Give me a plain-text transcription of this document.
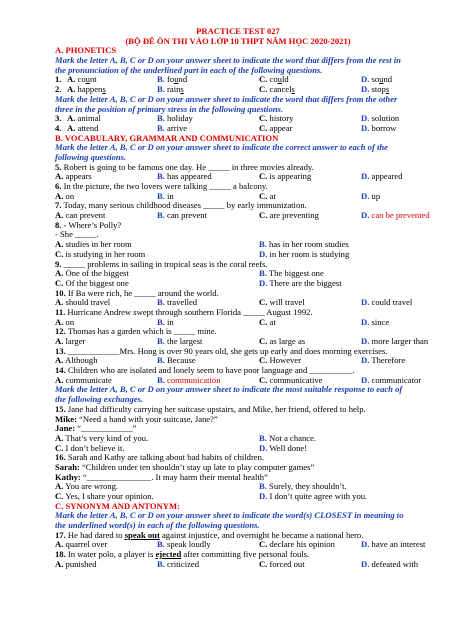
PRACTICE TEST 027
(BỘ ĐỀ ÔN THI VÀO LỚP 10 THPT NĂM HỌC 2020-2021)
A. PHONETICS
Mark the letter A, B, C or D on your answer sheet to indicate the word that differs from the rest in
the pronunciation of the underlined part in each of the following questions.
1. A. count	B. found	C. could	D. sound
2. A. happens	B. rains	C. cancels	D. stops
Mark the letter A, B, C or D on your answer sheet to indicate the word that differs from the other
three in the position of primary stress in the following questions.
3. A. animal	B. holiday	C. history	D. solution
4. A. attend	B. arrive	C. appear	D. borrow
B. VOCABULARY, GRAMMAR AND COMMUNICATION
Mark the letter A, B, C or D on your answer sheet to indicate the correct answer to each of the
following questions.
5. Robert is going to be famous one day. He _____ in three movies already.
A. appears	B. has appeared	C. is appearing	D. appeared
6. In the picture, the two lovers were talking _____ a balcony.
A. on	B. in	C. at	D. up
7. Today, many serious childhood diseases _____ by early immunization.
A. can prevent	B. can prevent	C. are preventing	D. can be prevented
8. - Where’s Polly?
- She _____.
A. studies in her room	B. has in her room studies
C. is studying in her room	D. in her room is studying
9. _____ problems in sailing in tropical seas is the coral reefs.
A. One of the biggest	B. The biggest one
C. Of the biggest one	D. There are the biggest
10. If Ba were rich, he _____ around the world.
A. should travel	B. travelled	C. will travel	D. could travel
11. Hurricane Andrew swept through southern Florida _____ August 1992.
A. on	B. in	C. at	D. since
12. Thomas has a garden which is _____ mine.
A. larger	B. the largest	C. as large as	D. more larger than
13. ____________Mrs. Hong is over 90 years old, she gets up early and does morning exercises.
A. Although	B. Because	C. However	D. Therefore
14. Children who are isolated and lonely seem to have poor language and __________.
A. communicate	B. communication	C. communicative	D. communicator
Mark the letter A, B, C or D on your answer sheet to indicate the most suitable response to each of
the following exchanges.
15. Jane had difficulty carrying her suitcase upstairs, and Mike, her friend, offered to help.
Mike: “Need a hand with your suitcase, Jane?”
Jane: “____________”
A. That’s very kind of you.	B. Not a chance.
C. I don’t believe it.	D. Well done!
16. Sarah and Kathy are talking about bad habits of children.
Sarah: “Children under ten shouldn’t stay up late to play computer games”
Kathy: “_______________. It may harm their mental health”
A. You are wrong.	B. Surely, they shouldn’t.
C. Yes, I share your opinion.	D. I don’t quite agree with you.
C. SYNONYM AND ANTONYM:
Mark the letter A, B, C or D on your answer sheet to indicate the word(s) CLOSEST in meaning to
the underlined word(s) in each of the following questions.
17. He had dared to speak out against injustice, and overnight he became a national hero.
A. quarrel over	B. speak loudly	C. declare his opinion	D. have an interest
18. In water polo, a player is ejected after committing five personal fouls.
A. punished	B. criticized	C. forced out	D. defeated with
